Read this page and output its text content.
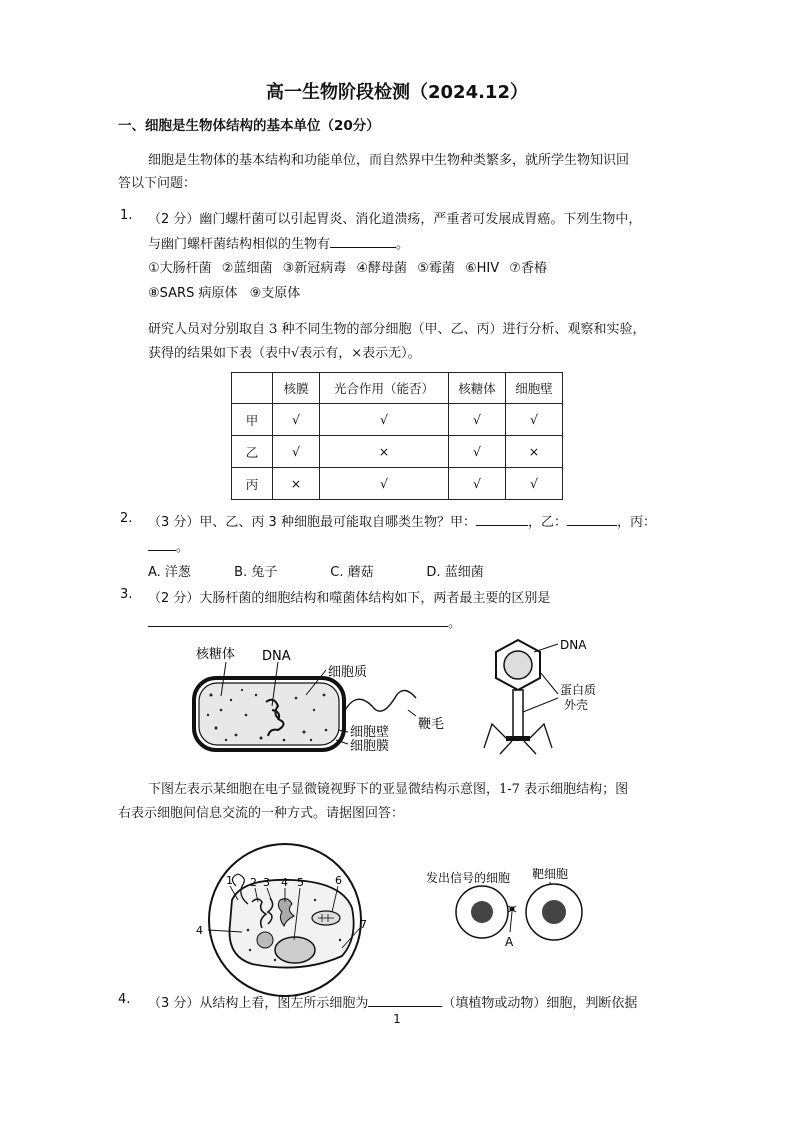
高一生物阶段检测（2024.12）
一、细胞是生物体结构的基本单位（20分）
细胞是生物体的基本结构和功能单位，而自然界中生物种类繁多，就所学生物知识回
答以下问题：
1. （2 分）幽门螺杆菌可以引起胃炎、消化道溃疡，严重者可发展成胃癌。下列生物中，
与幽门螺杆菌结构相似的生物有	。
①大肠杆菌 ②蓝细菌 ③新冠病毒 ④酵母菌 ⑤霉菌 ⑥HIV ⑦香椿
⑧SARS 病原体 ⑨支原体
研究人员对分别取自 3 种不同生物的部分细胞（甲、乙、丙）进行分析、观察和实验，
获得的结果如下表（表中√表示有，×表示无）。
	核膜	光合作用（能否）	核糖体	细胞壁
甲	√	√	√	√
乙	√	×	√	×
丙	×	√	√	√
2. （3 分）甲、乙、丙 3 种细胞最可能取自哪类生物？甲：	，乙：	，丙：
。
A. 洋葱	B. 兔子	C. 蘑菇	D. 蓝细菌
3. （2 分）大肠杆菌的细胞结构和噬菌体结构如下，两者最主要的区别是
。
核糖体 DNA
细胞质
细胞壁
细胞膜
鞭毛
DNA
蛋白质
外壳
下图左表示某细胞在电子显微镜视野下的亚显微结构示意图，1-7 表示细胞结构；图
右表示细胞间信息交流的一种方式。请据图回答：
1 2 3 4 5
4
6
7
发出信号的细胞 靶细胞
A
4. （3 分）从结构上看，图左所示细胞为	（填植物或动物）细胞，判断依据
1
